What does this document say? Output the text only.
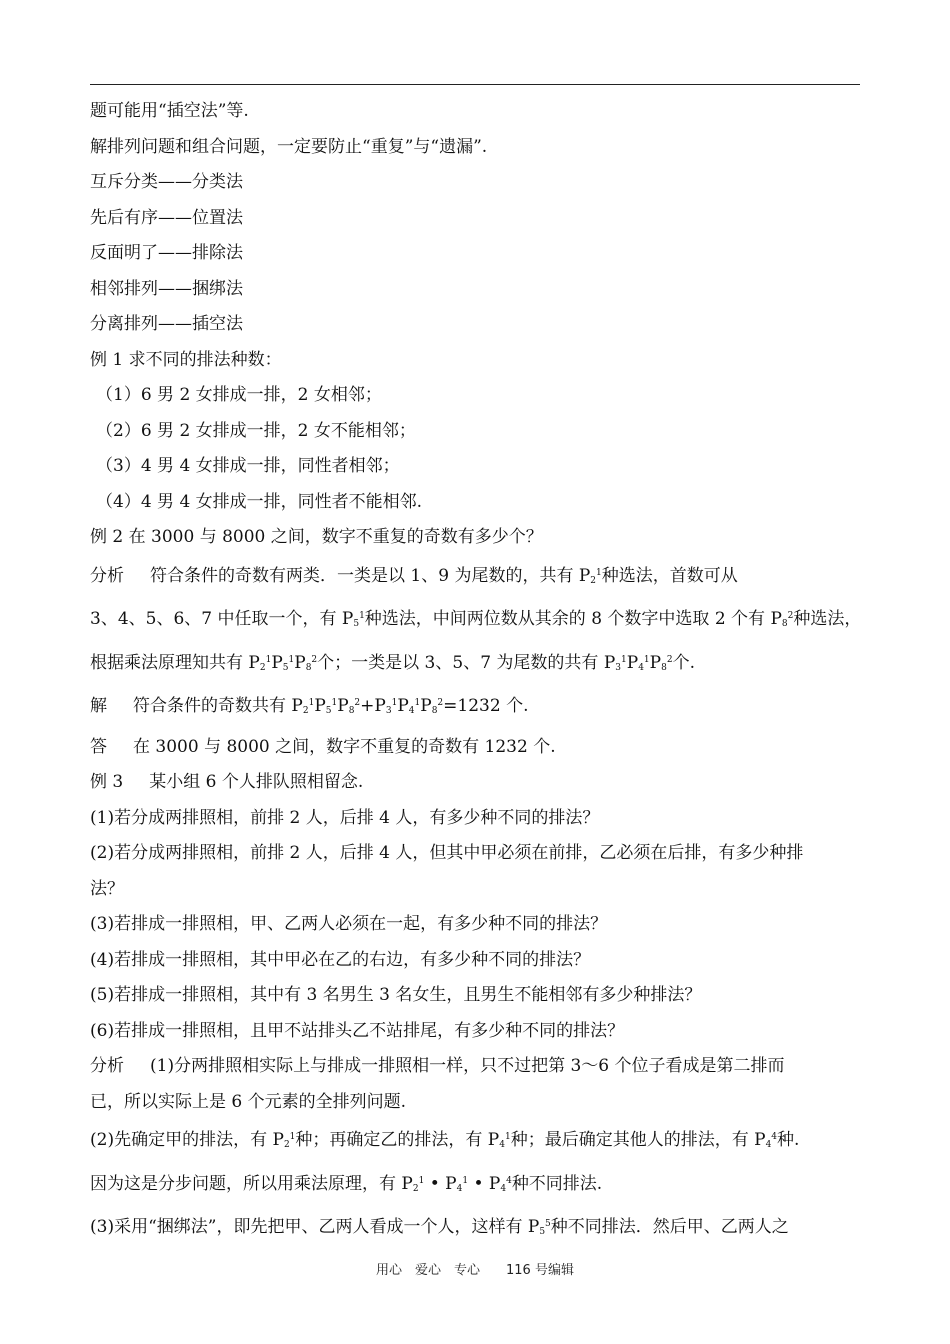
题可能用“插空法”等.
解排列问题和组合问题，一定要防止“重复”与“遗漏”.
互斥分类——分类法
先后有序——位置法
反面明了——排除法
相邻排列——捆绑法
分离排列——插空法
例 1 求不同的排法种数：
（1）6 男 2 女排成一排，2 女相邻；
（2）6 男 2 女排成一排，2 女不能相邻；
（3）4 男 4 女排成一排，同性者相邻；
（4）4 男 4 女排成一排，同性者不能相邻.
例 2 在 3000 与 8000 之间，数字不重复的奇数有多少个？
分析 符合条件的奇数有两类．一类是以 1、9 为尾数的，共有 $P_2^1$种选法，首数可从
3、4、5、6、7 中任取一个，有 $P_5^1$种选法，中间两位数从其余的 8 个数字中选取 2 个有 $P_8^2$种选法，
根据乘法原理知共有 $P_2^1P_5^1P_8^2$个；一类是以 3、5、7 为尾数的共有 $P_3^1P_4^1P_8^2$个.
解 符合条件的奇数共有 $P_2^1P_5^1P_8^2+P_3^1P_4^1P_8^2=1232$ 个.
答 在 3000 与 8000 之间，数字不重复的奇数有 1232 个.
例 3 某小组 6 个人排队照相留念.
(1)若分成两排照相，前排 2 人，后排 4 人，有多少种不同的排法？
(2)若分成两排照相，前排 2 人，后排 4 人，但其中甲必须在前排，乙必须在后排，有多少种排
法？
(3)若排成一排照相，甲、乙两人必须在一起，有多少种不同的排法？
(4)若排成一排照相，其中甲必在乙的右边，有多少种不同的排法？
(5)若排成一排照相，其中有 3 名男生 3 名女生，且男生不能相邻有多少种排法？
(6)若排成一排照相，且甲不站排头乙不站排尾，有多少种不同的排法？
分析 (1)分两排照相实际上与排成一排照相一样，只不过把第 3～6 个位子看成是第二排而
已，所以实际上是 6 个元素的全排列问题.
(2)先确定甲的排法，有 $P_2^1$种；再确定乙的排法，有 $P_4^1$种；最后确定其他人的排法，有 $P_4^4$种.
因为这是分步问题，所以用乘法原理，有 $P_2^1$ • $P_4^1$ • $P_4^4$种不同排法.
(3)采用“捆绑法”，即先把甲、乙两人看成一个人，这样有 $P_5^5$种不同排法．然后甲、乙两人之
用心　爱心　专心　　116 号编辑
